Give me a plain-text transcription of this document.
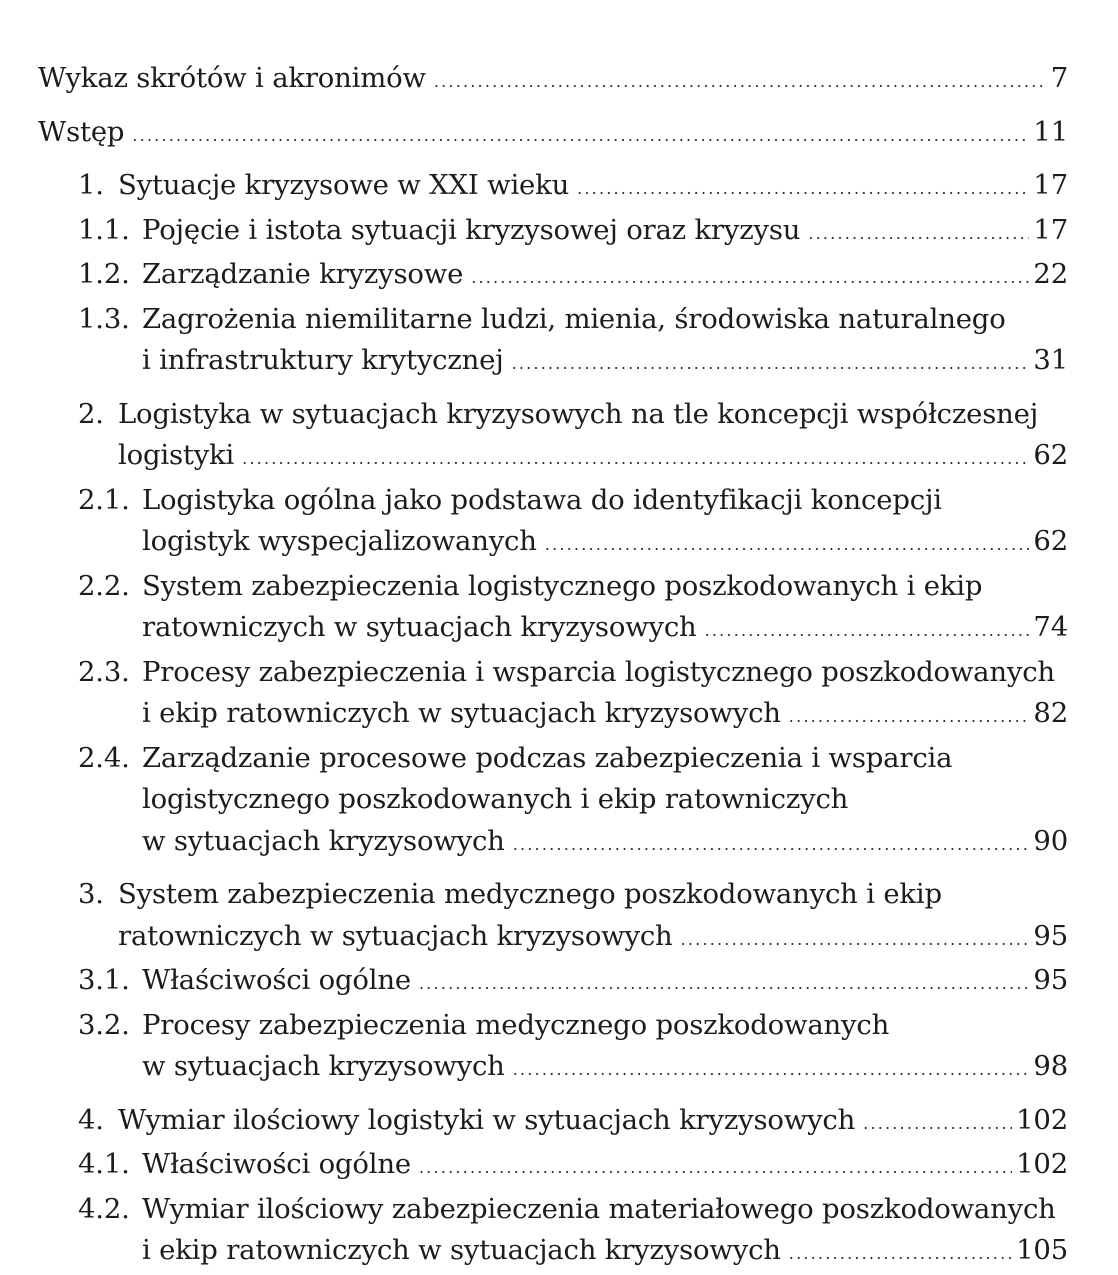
Wykaz skrótów i akronimów .....	7
Wstęp .....	11
1. Sytuacje kryzysowe w XXI wieku .....	17
1.1. Pojęcie i istota sytuacji kryzysowej oraz kryzysu .....	17
1.2. Zarządzanie kryzysowe .....	22
1.3. Zagrożenia niemilitarne ludzi, mienia, środowiska naturalnego
i infrastruktury krytycznej .....	31
2. Logistyka w sytuacjach kryzysowych na tle koncepcji współczesnej
logistyki .....	62
2.1. Logistyka ogólna jako podstawa do identyfikacji koncepcji
logistyk wyspecjalizowanych .....	62
2.2. System zabezpieczenia logistycznego poszkodowanych i ekip
ratowniczych w sytuacjach kryzysowych .....	74
2.3. Procesy zabezpieczenia i wsparcia logistycznego poszkodowanych
i ekip ratowniczych w sytuacjach kryzysowych .....	82
2.4. Zarządzanie procesowe podczas zabezpieczenia i wsparcia
logistycznego poszkodowanych i ekip ratowniczych
w sytuacjach kryzysowych .....	90
3. System zabezpieczenia medycznego poszkodowanych i ekip
ratowniczych w sytuacjach kryzysowych .....	95
3.1. Właściwości ogólne .....	95
3.2. Procesy zabezpieczenia medycznego poszkodowanych
w sytuacjach kryzysowych .....	98
4. Wymiar ilościowy logistyki w sytuacjach kryzysowych .....	102
4.1. Właściwości ogólne .....	102
4.2. Wymiar ilościowy zabezpieczenia materiałowego poszkodowanych
i ekip ratowniczych w sytuacjach kryzysowych .....	105
